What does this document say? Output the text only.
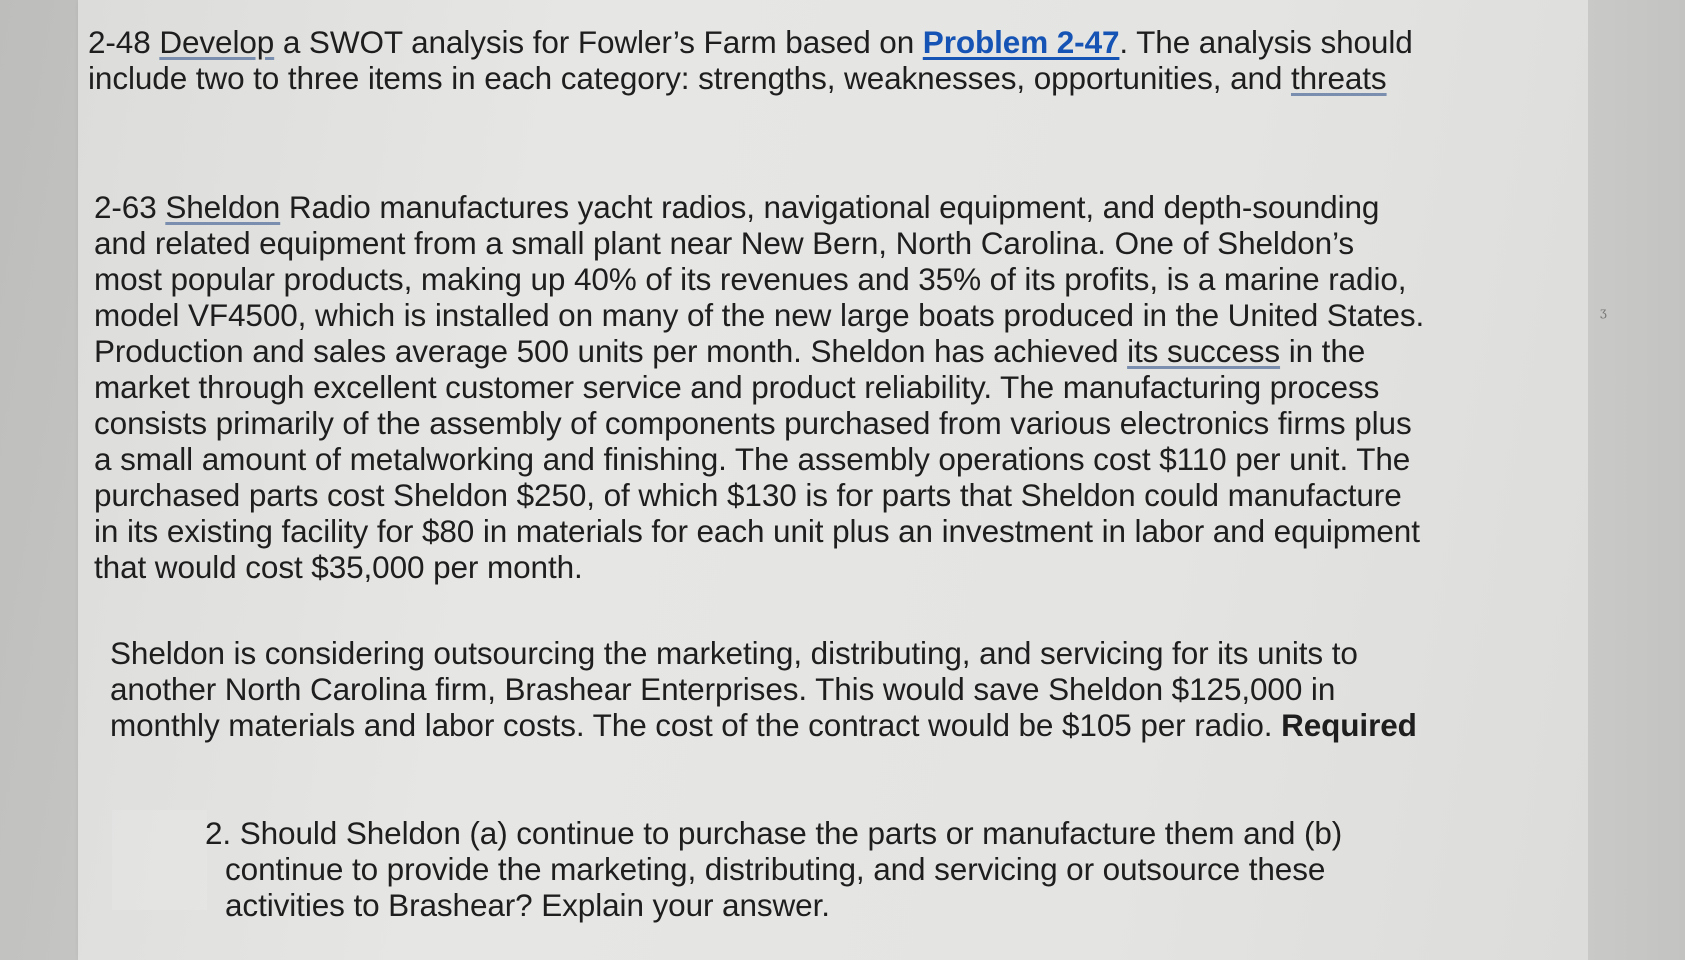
2-48 Develop a SWOT analysis for Fowler’s Farm based on Problem 2-47. The analysis should
include two to three items in each category: strengths, weaknesses, opportunities, and threats
2-63 Sheldon Radio manufactures yacht radios, navigational equipment, and depth-sounding
and related equipment from a small plant near New Bern, North Carolina. One of Sheldon’s
most popular products, making up 40% of its revenues and 35% of its profits, is a marine radio,
model VF4500, which is installed on many of the new large boats produced in the United States.
Production and sales average 500 units per month. Sheldon has achieved its success in the
market through excellent customer service and product reliability. The manufacturing process
consists primarily of the assembly of components purchased from various electronics firms plus
a small amount of metalworking and finishing. The assembly operations cost $110 per unit. The
purchased parts cost Sheldon $250, of which $130 is for parts that Sheldon could manufacture
in its existing facility for $80 in materials for each unit plus an investment in labor and equipment
that would cost $35,000 per month.
Sheldon is considering outsourcing the marketing, distributing, and servicing for its units to
another North Carolina firm, Brashear Enterprises. This would save Sheldon $125,000 in
monthly materials and labor costs. The cost of the contract would be $105 per radio. Required
2. Should Sheldon (a) continue to purchase the parts or manufacture them and (b)
continue to provide the marketing, distributing, and servicing or outsource these
activities to Brashear? Explain your answer.
ʒ
